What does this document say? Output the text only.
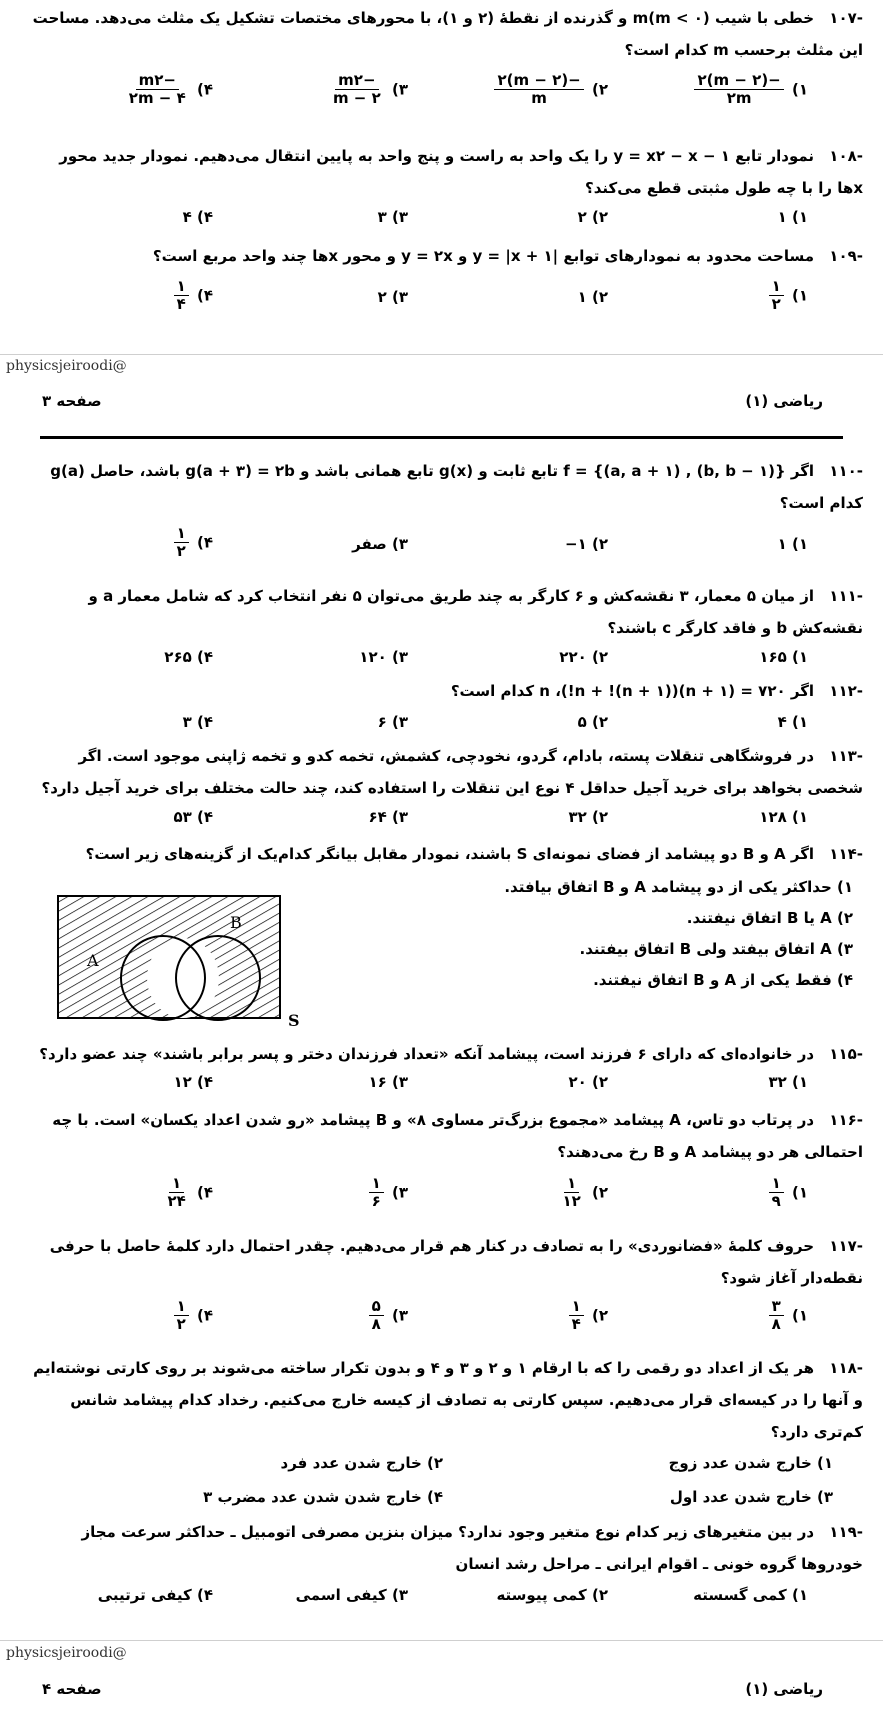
-۱۰۷ خطی با شیب (m < ۰)m و گذرنده از نقطهٔ (۲ و ۱)، با محورهای مختصات تشکیل یک مثلث می‌دهد. مساحت این مثلث برحسب m کدام است؟
۱)
$\frac{-(m - ۲)۲}{۲m}$
۲)
$\frac{-(m - ۲)۲}{m}$
۳)
$\frac{-m۲}{m - ۲}$
۴)
$\frac{-m۲}{۲m - ۴}$
-۱۰۸ نمودار تابع y = x۲ − x − ۱ را یک واحد به راست و پنج واحد به پایین انتقال می‌دهیم. نمودار جدید محور xها را با چه طول مثبتی قطع می‌کند؟
۱) ۱
۲) ۲
۳) ۳
۴) ۴
-۱۰۹ مساحت محدود به نمودارهای توابع |y = |x + ۱ و y = ۲x و محور xها چند واحد مربع است؟
۱)
$\frac{۱}{۲}$
۲) ۱
۳) ۲
۴)
$\frac{۱}{۴}$
physicsjeiroodi@
ریاضی (۱)
صفحه ۳
-۱۱۰ اگر f = {(a, a + ۱) , (b, b − ۱)} تابع ثابت و g(x) تابع همانی باشد و g(a + ۳) = ۲b باشد، حاصل g(a) کدام است؟
۱) ۱
۲) ۱−
۳) صفر
۴)
$\frac{۱}{۲}$
-۱۱۱ از میان ۵ معمار، ۳ نقشه‌کش و ۶ کارگر به چند طریق می‌توان ۵ نفر انتخاب کرد که شامل معمار a و نقشه‌کش b و فاقد کارگر c باشند؟
۱) ۱۶۵
۲) ۲۲۰
۳) ۱۲۰
۴) ۲۶۵
-۱۱۲ اگر ۷۲۰ = (n + ۱)((n + ۱)! + n!)، n کدام است؟
۱) ۴
۲) ۵
۳) ۶
۴) ۳
-۱۱۳ در فروشگاهی تنقلات پسته، بادام، گردو، نخودچی، کشمش، تخمه کدو و تخمه ژاپنی موجود است. اگر شخصی بخواهد برای خرید آجیل حداقل ۴ نوع این تنقلات را استفاده کند، چند حالت مختلف برای خرید آجیل دارد؟
۱) ۱۲۸
۲) ۳۲
۳) ۶۴
۴) ۵۳
-۱۱۴ اگر A و B دو پیشامد از فضای نمونه‌ای S باشند، نمودار مقابل بیانگر کدام‌یک از گزینه‌های زیر است؟
۱) حداکثر یکی از دو پیشامد A و B اتفاق بیافتد.
۲) A یا B اتفاق نیفتند.
۳) A اتفاق بیفتد ولی B اتفاق بیفتند.
۴) فقط یکی از A و B اتفاق نیفتند.
A
B
S
-۱۱۵ در خانواده‌ای که دارای ۶ فرزند است، پیشامد آنکه «تعداد فرزندان دختر و پسر برابر باشند» چند عضو دارد؟
۱) ۳۲
۲) ۲۰
۳) ۱۶
۴) ۱۲
-۱۱۶ در پرتاب دو تاس، A پیشامد «مجموع بزرگ‌تر مساوی ۸» و B پیشامد «رو شدن اعداد یکسان» است. با چه احتمالی هر دو پیشامد A و B رخ می‌دهند؟
۱)
$\frac{۱}{۹}$
۲)
$\frac{۱}{۱۲}$
۳)
$\frac{۱}{۶}$
۴)
$\frac{۱}{۲۴}$
-۱۱۷ حروف کلمهٔ «فضانوردی» را به تصادف در کنار هم قرار می‌دهیم. چقدر احتمال دارد کلمهٔ حاصل با حرفی نقطه‌دار آغاز شود؟
۱)
$\frac{۳}{۸}$
۲)
$\frac{۱}{۴}$
۳)
$\frac{۵}{۸}$
۴)
$\frac{۱}{۲}$
-۱۱۸ هر یک از اعداد دو رقمی را که با ارقام ۱ و ۲ و ۳ و ۴ و بدون تکرار ساخته می‌شوند بر روی کارتی نوشته‌ایم و آنها را در کیسه‌ای قرار می‌دهیم. سپس کارتی به تصادف از کیسه خارج می‌کنیم. رخداد کدام پیشامد شانس کم‌تری دارد؟
۱) خارج شدن عدد زوج
۲) خارج شدن عدد فرد
۳) خارج شدن عدد اول
۴) خارج شدن شدن عدد مضرب ۳
-۱۱۹ در بین متغیرهای زیر کدام نوع متغیر وجود ندارد؟ میزان بنزین مصرفی اتومبیل ـ حداکثر سرعت مجاز خودروها گروه خونی ـ اقوام ایرانی ـ مراحل رشد انسان
۱) کمی گسسته
۲) کمی پیوسته
۳) کیفی اسمی
۴) کیفی ترتیبی
physicsjeiroodi@
ریاضی (۱)
صفحه ۴
